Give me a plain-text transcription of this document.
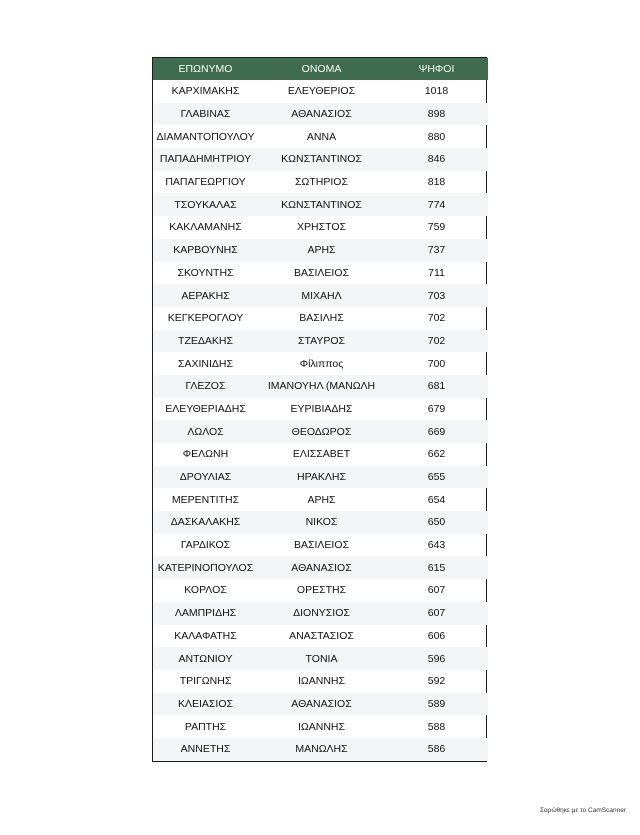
ΕΠΩΝΥΜΟ	ΟΝΟΜΑ	ΨΗΦΟΙ
ΚΑΡΧΙΜΑΚΗΣ	ΕΛΕΥΘΕΡΙΟΣ	1018
ΓΛΑΒΙΝΑΣ	ΑΘΑΝΑΣΙΟΣ	898
ΔΙΑΜΑΝΤΟΠΟΥΛΟΥ	ΑΝΝΑ	880
ΠΑΠΑΔΗΜΗΤΡΙΟΥ	ΚΩΝΣΤΑΝΤΙΝΟΣ	846
ΠΑΠΑΓΕΩΡΓΙΟΥ	ΣΩΤΗΡΙΟΣ	818
ΤΣΟΥΚΑΛΑΣ	ΚΩΝΣΤΑΝΤΙΝΟΣ	774
ΚΑΚΛΑΜΑΝΗΣ	ΧΡΗΣΤΟΣ	759
ΚΑΡΒΟΥΝΗΣ	ΑΡΗΣ	737
ΣΚΟΥΝΤΗΣ	ΒΑΣΙΛΕΙΟΣ	711
ΑΕΡΑΚΗΣ	ΜΙΧΑΗΛ	703
ΚΕΓΚΕΡΟΓΛΟΥ	ΒΑΣΙΛΗΣ	702
ΤΖΕΔΑΚΗΣ	ΣΤΑΥΡΟΣ	702
ΣΑΧΙΝΙΔΗΣ	Φίλιππος	700
ΓΛΕΖΟΣ	ΙΜΑΝΟΥΗΛ (ΜΑΝΩΛΗ	681
ΕΛΕΥΘΕΡΙΑΔΗΣ	ΕΥΡΙΒΙΑΔΗΣ	679
ΛΩΛΟΣ	ΘΕΟΔΩΡΟΣ	669
ΦΕΛΩΝΗ	ΕΛΙΣΣΑΒΕΤ	662
ΔΡΟΥΛΙΑΣ	ΗΡΑΚΛΗΣ	655
ΜΕΡΕΝΤΙΤΗΣ	ΑΡΗΣ	654
ΔΑΣΚΑΛΑΚΗΣ	ΝΙΚΟΣ	650
ΓΑΡΔΙΚΟΣ	ΒΑΣΙΛΕΙΟΣ	643
ΚΑΤΕΡΙΝΟΠΟΥΛΟΣ	ΑΘΑΝΑΣΙΟΣ	615
ΚΟΡΛΟΣ	ΟΡΕΣΤΗΣ	607
ΛΑΜΠΡΙΔΗΣ	ΔΙΟΝΥΣΙΟΣ	607
ΚΑΛΑΦΑΤΗΣ	ΑΝΑΣΤΑΣΙΟΣ	606
ΑΝΤΩΝΙΟΥ	ΤΟΝΙΑ	596
ΤΡΙΓΩΝΗΣ	ΙΩΑΝΝΗΣ	592
ΚΛΕΙΑΣΙΟΣ	ΑΘΑΝΑΣΙΟΣ	589
ΡΑΠΤΗΣ	ΙΩΑΝΝΗΣ	588
ΑΝΝΕΤΗΣ	ΜΑΝΩΛΗΣ	586
Σαρώθηκε με το CamScanner
